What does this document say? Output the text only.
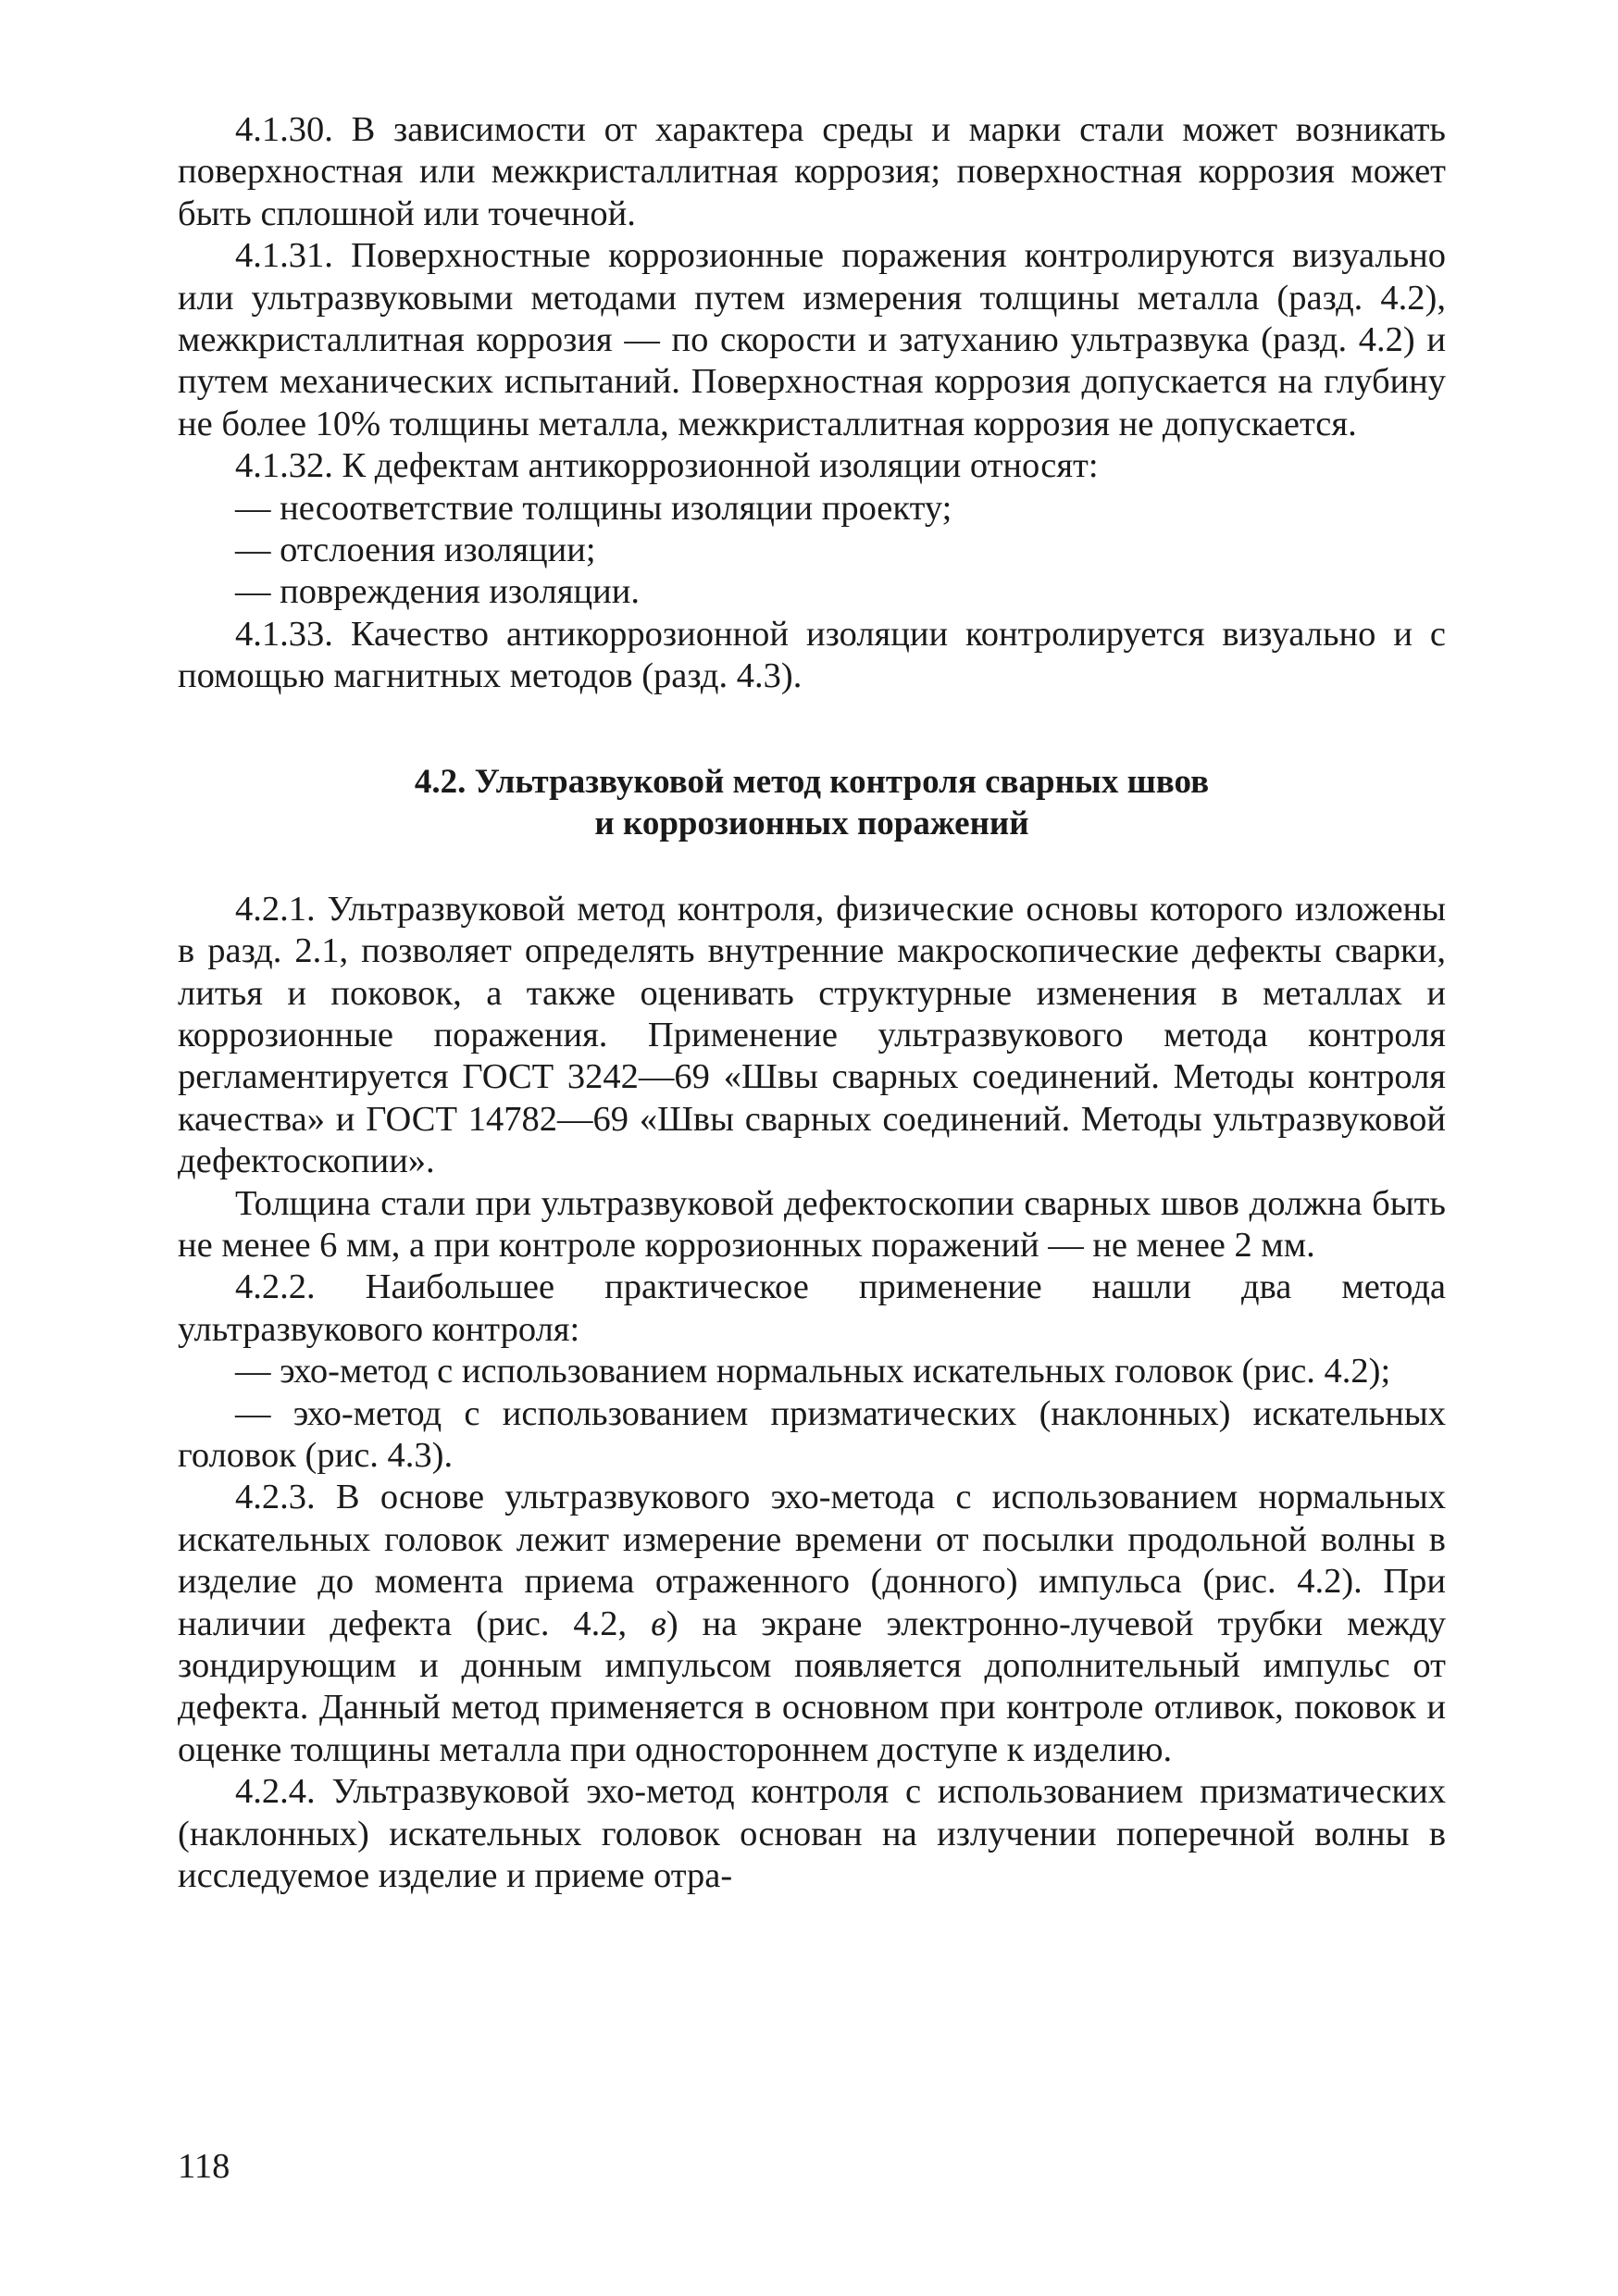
4.1.30. В зависимости от характера среды и марки стали может возникать поверхностная или межкристаллитная коррозия; поверхностная коррозия может быть сплошной или точечной.

4.1.31. Поверхностные коррозионные поражения контролируются визуально или ультразвуковыми методами путем измерения толщины металла (разд. 4.2), межкристаллитная коррозия — по скорости и затуханию ультразвука (разд. 4.2) и путем механических испытаний. Поверхностная коррозия допускается на глубину не более 10% толщины металла, межкристаллитная коррозия не допускается.

4.1.32. К дефектам антикоррозионной изоляции относят:

— несоответствие толщины изоляции проекту;

— отслоения изоляции;

— повреждения изоляции.

4.1.33. Качество антикоррозионной изоляции контролируется визуально и с помощью магнитных методов (разд. 4.3).

4.2. Ультразвуковой метод контроля сварных швов
и коррозионных поражений

4.2.1. Ультразвуковой метод контроля, физические основы которого изложены в разд. 2.1, позволяет определять внутренние макроскопические дефекты сварки, литья и поковок, а также оценивать структурные изменения в металлах и коррозионные поражения. Применение ультразвукового метода контроля регламентируется ГОСТ 3242—69 «Швы сварных соединений. Методы контроля качества» и ГОСТ 14782—69 «Швы сварных соединений. Методы ультразвуковой дефектоскопии».

Толщина стали при ультразвуковой дефектоскопии сварных швов должна быть не менее 6 мм, а при контроле коррозионных поражений — не менее 2 мм.

4.2.2. Наибольшее практическое применение нашли два метода ультразвукового контроля:

— эхо-метод с использованием нормальных искательных головок (рис. 4.2);

— эхо-метод с использованием призматических (наклонных) искательных головок (рис. 4.3).

4.2.3. В основе ультразвукового эхо-метода с использованием нормальных искательных головок лежит измерение времени от посылки продольной волны в изделие до момента приема отраженного (донного) импульса (рис. 4.2). При наличии дефекта (рис. 4.2, в) на экране электронно-лучевой трубки между зондирующим и донным импульсом появляется дополнительный импульс от дефекта. Данный метод применяется в основном при контроле отливок, поковок и оценке толщины металла при одностороннем доступе к изделию.

4.2.4. Ультразвуковой эхо-метод контроля с использованием призматических (наклонных) искательных головок основан на излучении поперечной волны в исследуемое изделие и приеме отра-

118
